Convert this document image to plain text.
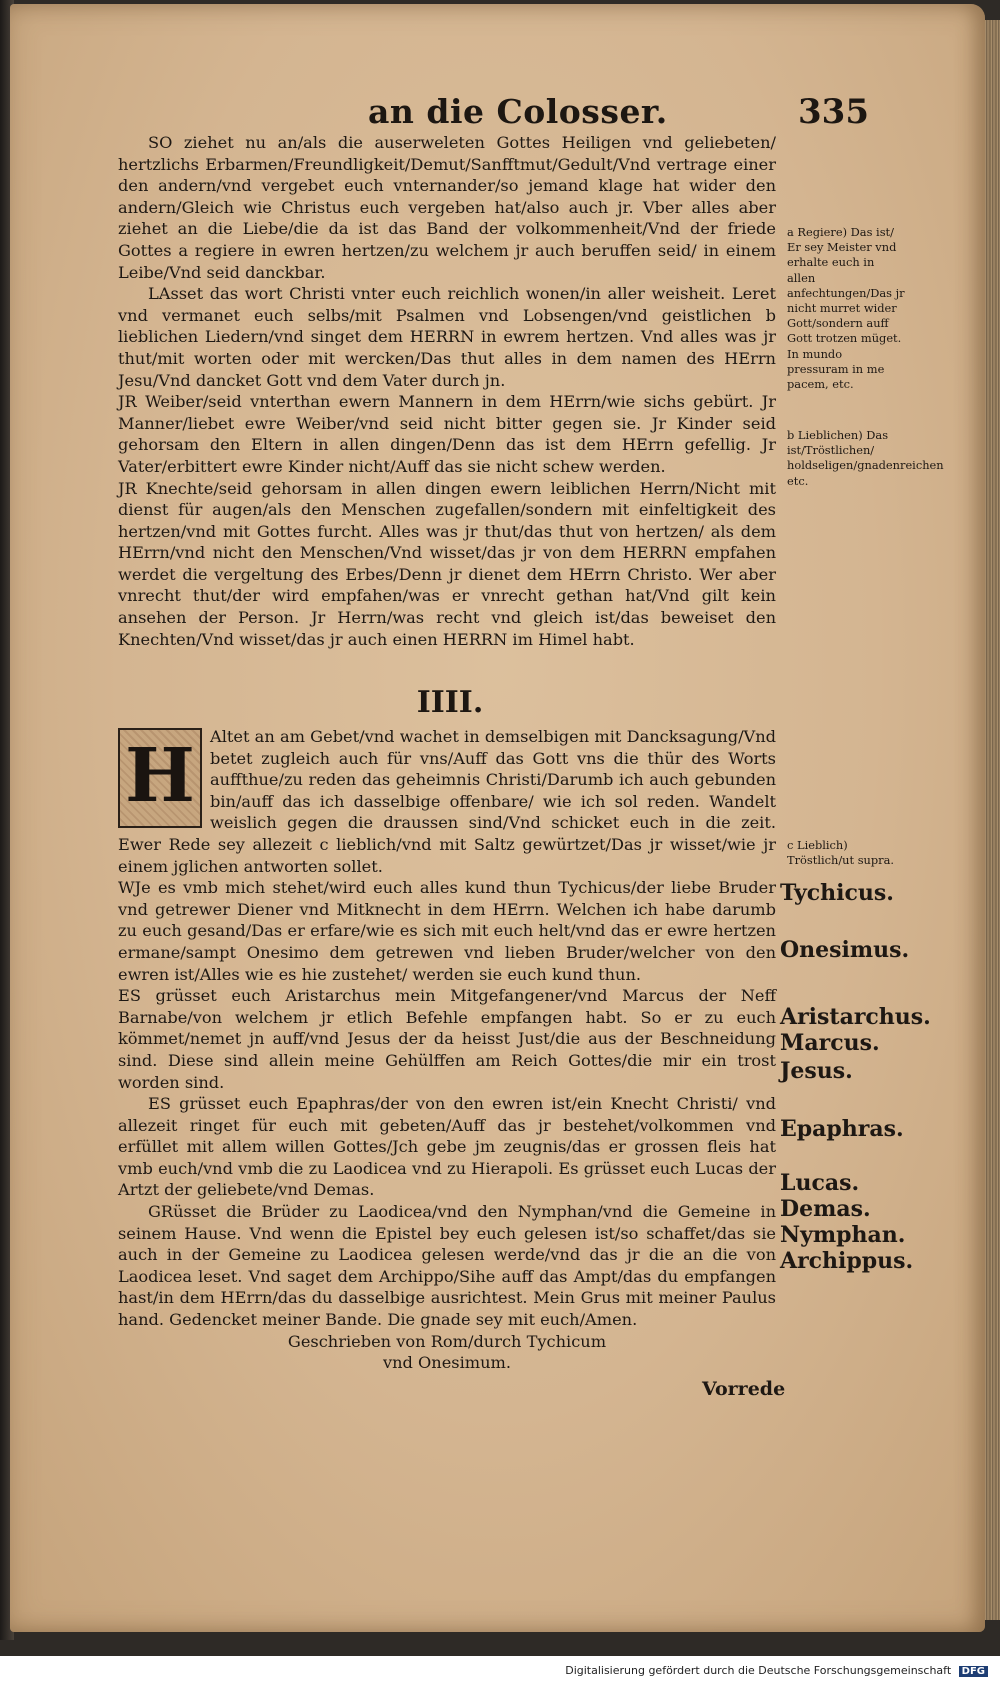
an die Colosser.	335

SO ziehet nu an/als die auserweleten Gottes Heiligen vnd geliebeten/ hertzlichs Erbarmen/Freundligkeit/Demut/Sanfftmut/Gedult/Vnd vertrage einer den andern/vnd vergebet euch vnternander/so jemand klage hat wider den andern/Gleich wie Christus euch vergeben hat/also auch jr. Vber alles aber ziehet an die Liebe/die da ist das Band der volkommenheit/Vnd der friede Gottes a regiere in ewren hertzen/zu welchem jr auch beruffen seid/ in einem Leibe/Vnd seid danckbar.

LAsset das wort Christi vnter euch reichlich wonen/in aller weisheit. Leret vnd vermanet euch selbs/mit Psalmen vnd Lobsengen/vnd geistlichen b lieblichen Liedern/vnd singet dem HERRN in ewrem hertzen. Vnd alles was jr thut/mit worten oder mit wercken/Das thut alles in dem namen des HErrn Jesu/Vnd dancket Gott vnd dem Vater durch jn.

JR Weiber/seid vnterthan ewern Mannern in dem HErrn/wie sichs gebürt. Jr Manner/liebet ewre Weiber/vnd seid nicht bitter gegen sie. Jr Kinder seid gehorsam den Eltern in allen dingen/Denn das ist dem HErrn gefellig. Jr Vater/erbittert ewre Kinder nicht/Auff das sie nicht schew werden.

JR Knechte/seid gehorsam in allen dingen ewern leiblichen Herrn/Nicht mit dienst für augen/als den Menschen zugefallen/sondern mit einfeltigkeit des hertzen/vnd mit Gottes furcht. Alles was jr thut/das thut von hertzen/ als dem HErrn/vnd nicht den Menschen/Vnd wisset/das jr von dem HERRN empfahen werdet die vergeltung des Erbes/Denn jr dienet dem HErrn Christo. Wer aber vnrecht thut/der wird empfahen/was er vnrecht gethan hat/Vnd gilt kein ansehen der Person. Jr Herrn/was recht vnd gleich ist/das beweiset den Knechten/Vnd wisset/das jr auch einen HERRN im Himel habt.

IIII.
H Altet an am Gebet/vnd wachet in demselbigen mit Dancksagung/Vnd betet zugleich auch für vns/Auff das Gott vns die thür des Worts auffthue/zu reden das geheimnis Christi/Darumb ich auch gebunden bin/auff das ich dasselbige offenbare/ wie ich sol reden. Wandelt weislich gegen die draussen sind/Vnd schicket euch in die zeit. Ewer Rede sey allezeit c lieblich/vnd mit Saltz gewürtzet/Das jr wisset/wie jr einem jglichen antworten sollet.

WJe es vmb mich stehet/wird euch alles kund thun Tychicus/der liebe Bruder vnd getrewer Diener vnd Mitknecht in dem HErrn. Welchen ich habe darumb zu euch gesand/Das er erfare/wie es sich mit euch helt/vnd das er ewre hertzen ermane/sampt Onesimo dem getrewen vnd lieben Bruder/welcher von den ewren ist/Alles wie es hie zustehet/ werden sie euch kund thun.

ES grüsset euch Aristarchus mein Mitgefangener/vnd Marcus der Neff Barnabe/von welchem jr etlich Befehle empfangen habt. So er zu euch kömmet/nemet jn auff/vnd Jesus der da heisst Just/die aus der Beschneidung sind. Diese sind allein meine Gehülffen am Reich Gottes/die mir ein trost worden sind.

ES grüsset euch Epaphras/der von den ewren ist/ein Knecht Christi/ vnd allezeit ringet für euch mit gebeten/Auff das jr bestehet/volkommen vnd erfüllet mit allem willen Gottes/Jch gebe jm zeugnis/das er grossen fleis hat vmb euch/vnd vmb die zu Laodicea vnd zu Hierapoli. Es grüsset euch Lucas der Artzt der geliebete/vnd Demas.

GRüsset die Brüder zu Laodicea/vnd den Nymphan/vnd die Gemeine in seinem Hause. Vnd wenn die Epistel bey euch gelesen ist/so schaffet/das sie auch in der Gemeine zu Laodicea gelesen werde/vnd das jr die an die von Laodicea leset. Vnd saget dem Archippo/Sihe auff das Ampt/das du empfangen hast/in dem HErrn/das du dasselbige ausrichtest. Mein Grus mit meiner Paulus hand. Gedencket meiner Bande. Die gnade sey mit euch/Amen.

Geschrieben von Rom/durch Tychicum

vnd Onesimum.

Vorrede
a Regiere) Das ist/ Er sey Meister vnd erhalte euch in allen anfechtungen/Das jr nicht murret wider Gott/sondern auff Gott trotzen müget. In mundo pressuram in me pacem, etc.
b Lieblichen) Das ist/Tröstlichen/ holdseligen/gnadenreichen etc.
c Lieblich) Tröstlich/ut supra.
Tychicus.
Onesimus.
Aristarchus.
Marcus.
Jesus.
Epaphras.
Lucas.
Demas.
Nymphan.
Archippus.
Digitalisierung gefördert durch die Deutsche Forschungsgemeinschaft DFG
